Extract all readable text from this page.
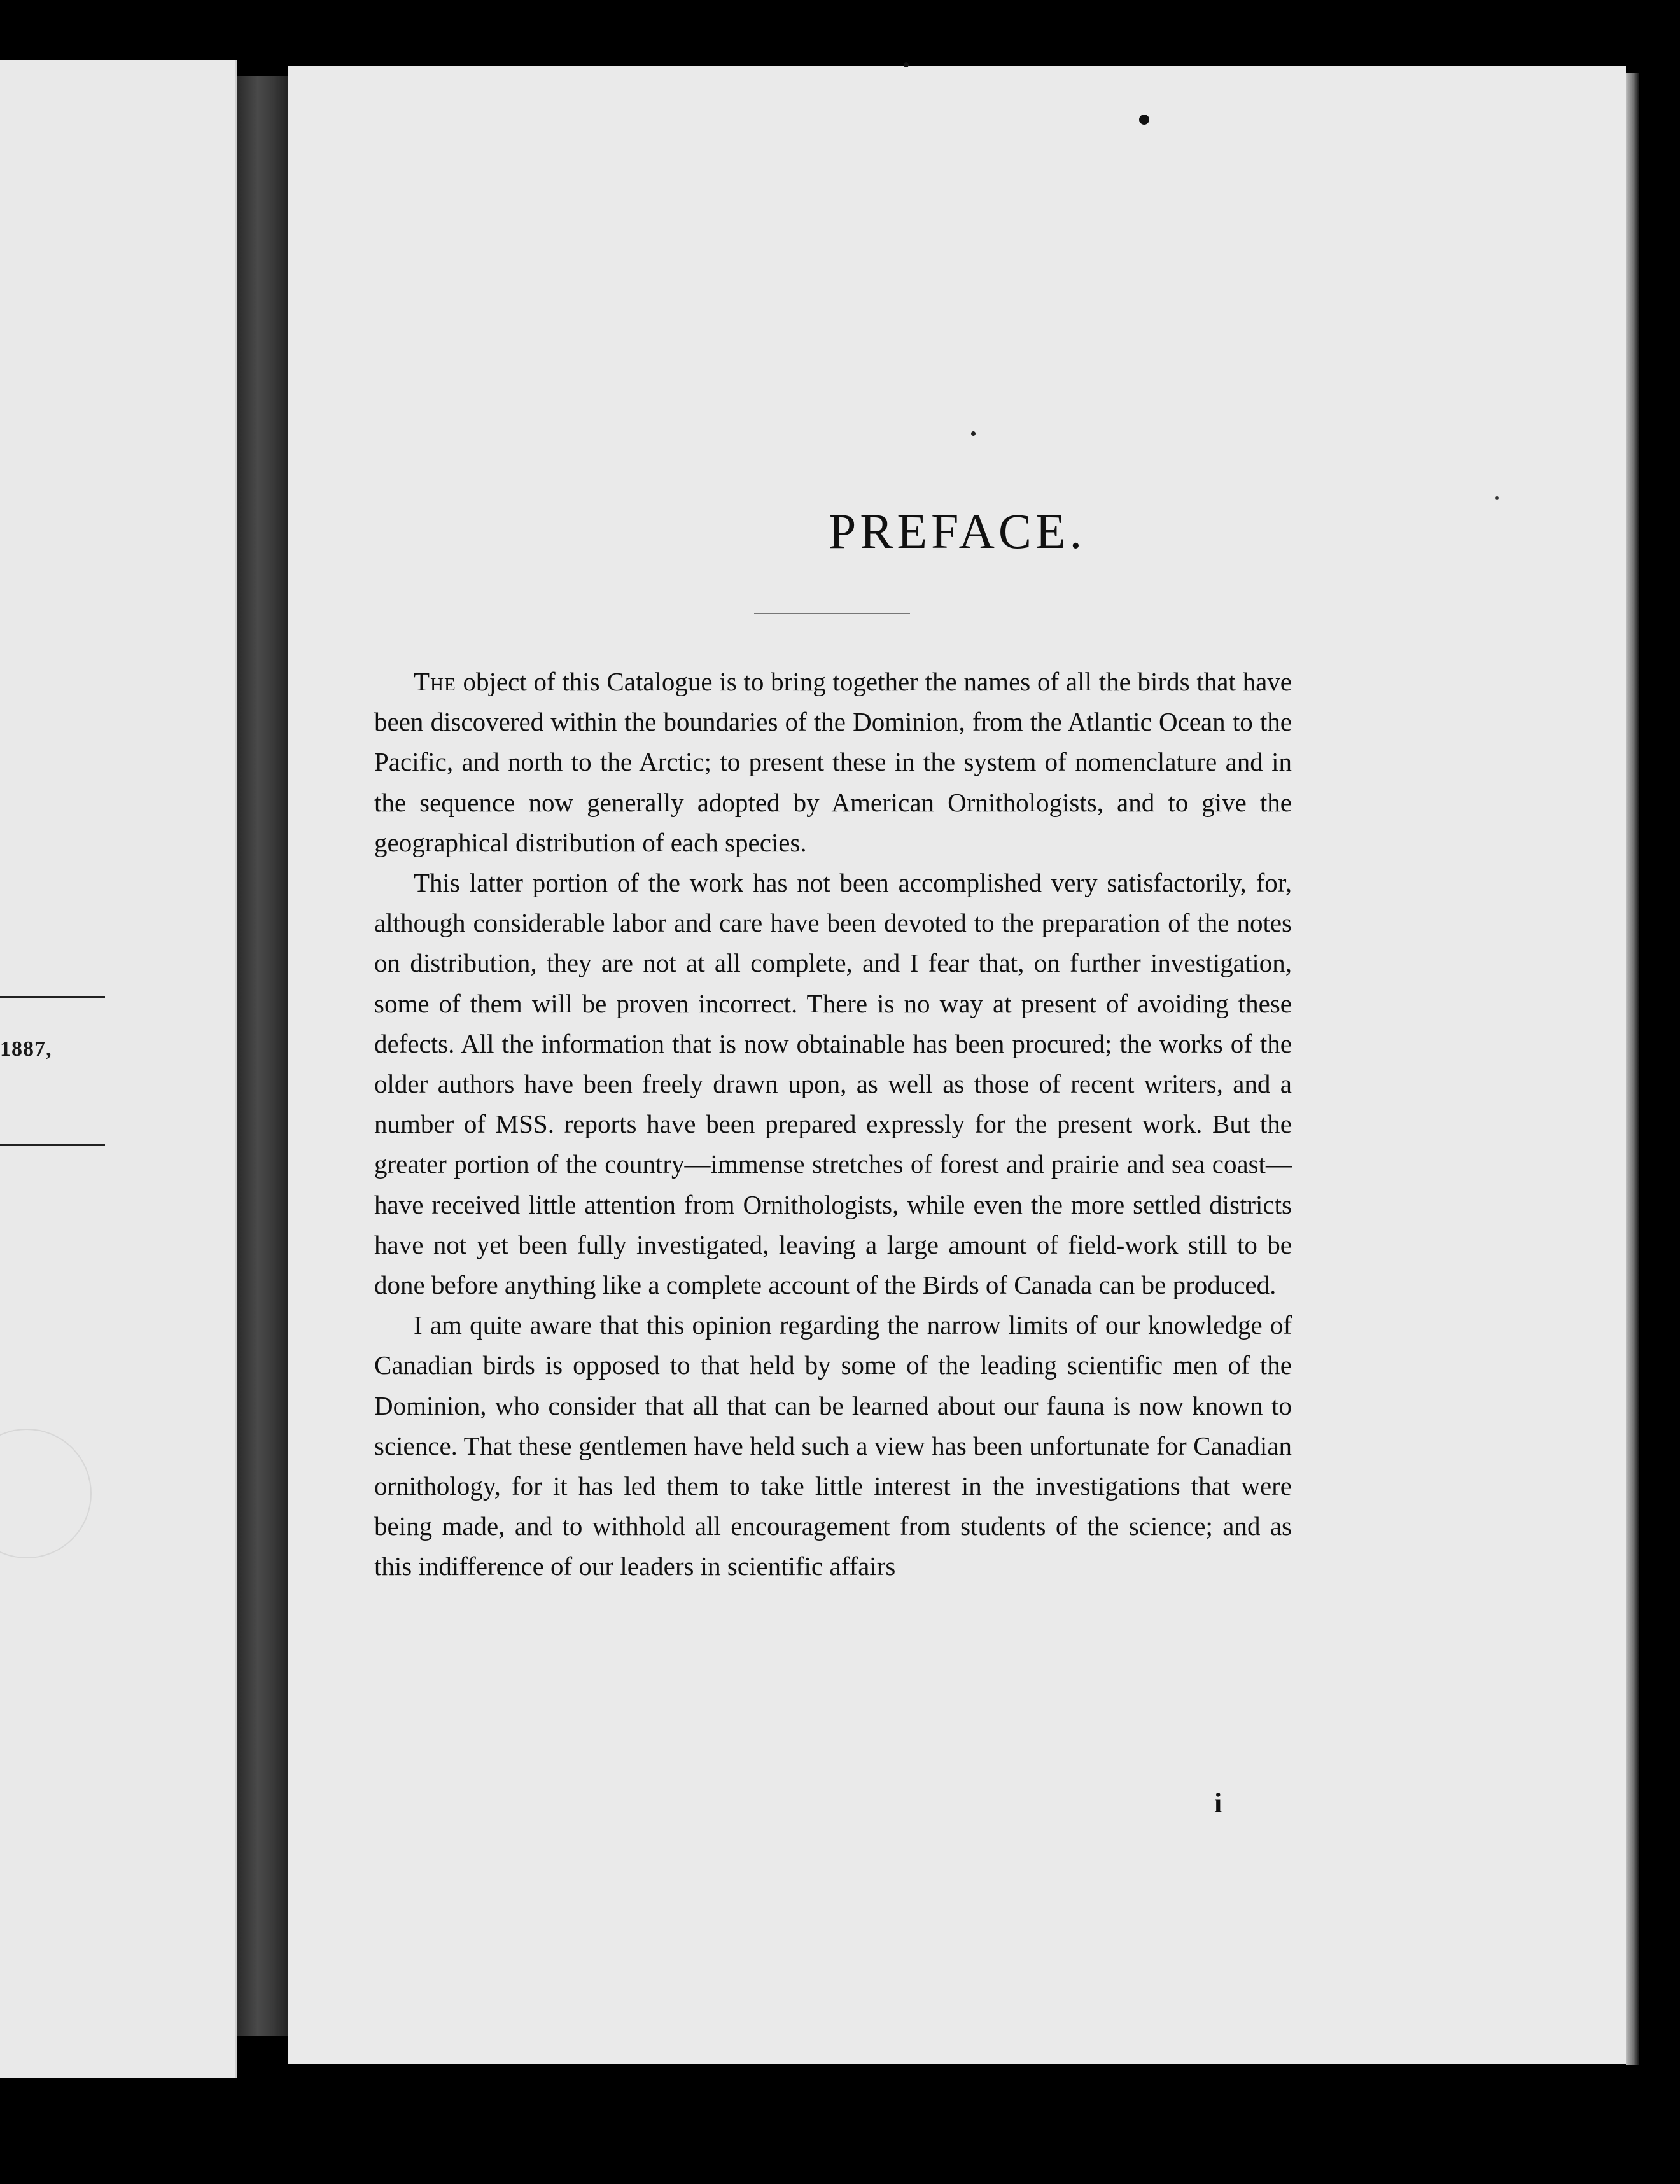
1887,
PREFACE.

The object of this Catalogue is to bring together the names of all the birds that have been discovered within the boundaries of the Dominion, from the Atlantic Ocean to the Pacific, and north to the Arctic; to present these in the system of nomenclature and in the sequence now generally adopted by American Ornithologists, and to give the geographical distribution of each species.

This latter portion of the work has not been accomplished very satisfactorily, for, although considerable labor and care have been devoted to the preparation of the notes on distribution, they are not at all complete, and I fear that, on further investigation, some of them will be proven incorrect. There is no way at present of avoiding these defects. All the information that is now obtainable has been procured; the works of the older authors have been freely drawn upon, as well as those of recent writers, and a number of MSS. reports have been prepared expressly for the present work. But the greater portion of the country—immense stretches of forest and prairie and sea coast—have received little attention from Ornithologists, while even the more settled districts have not yet been fully investigated, leaving a large amount of field-work still to be done before anything like a complete account of the Birds of Canada can be produced.

I am quite aware that this opinion regarding the narrow limits of our knowledge of Canadian birds is opposed to that held by some of the leading scientific men of the Dominion, who consider that all that can be learned about our fauna is now known to science. That these gentlemen have held such a view has been unfortunate for Canadian ornithology, for it has led them to take little interest in the investigations that were being made, and to withhold all encouragement from students of the science; and as this indifference of our leaders in scientific affairs

i
